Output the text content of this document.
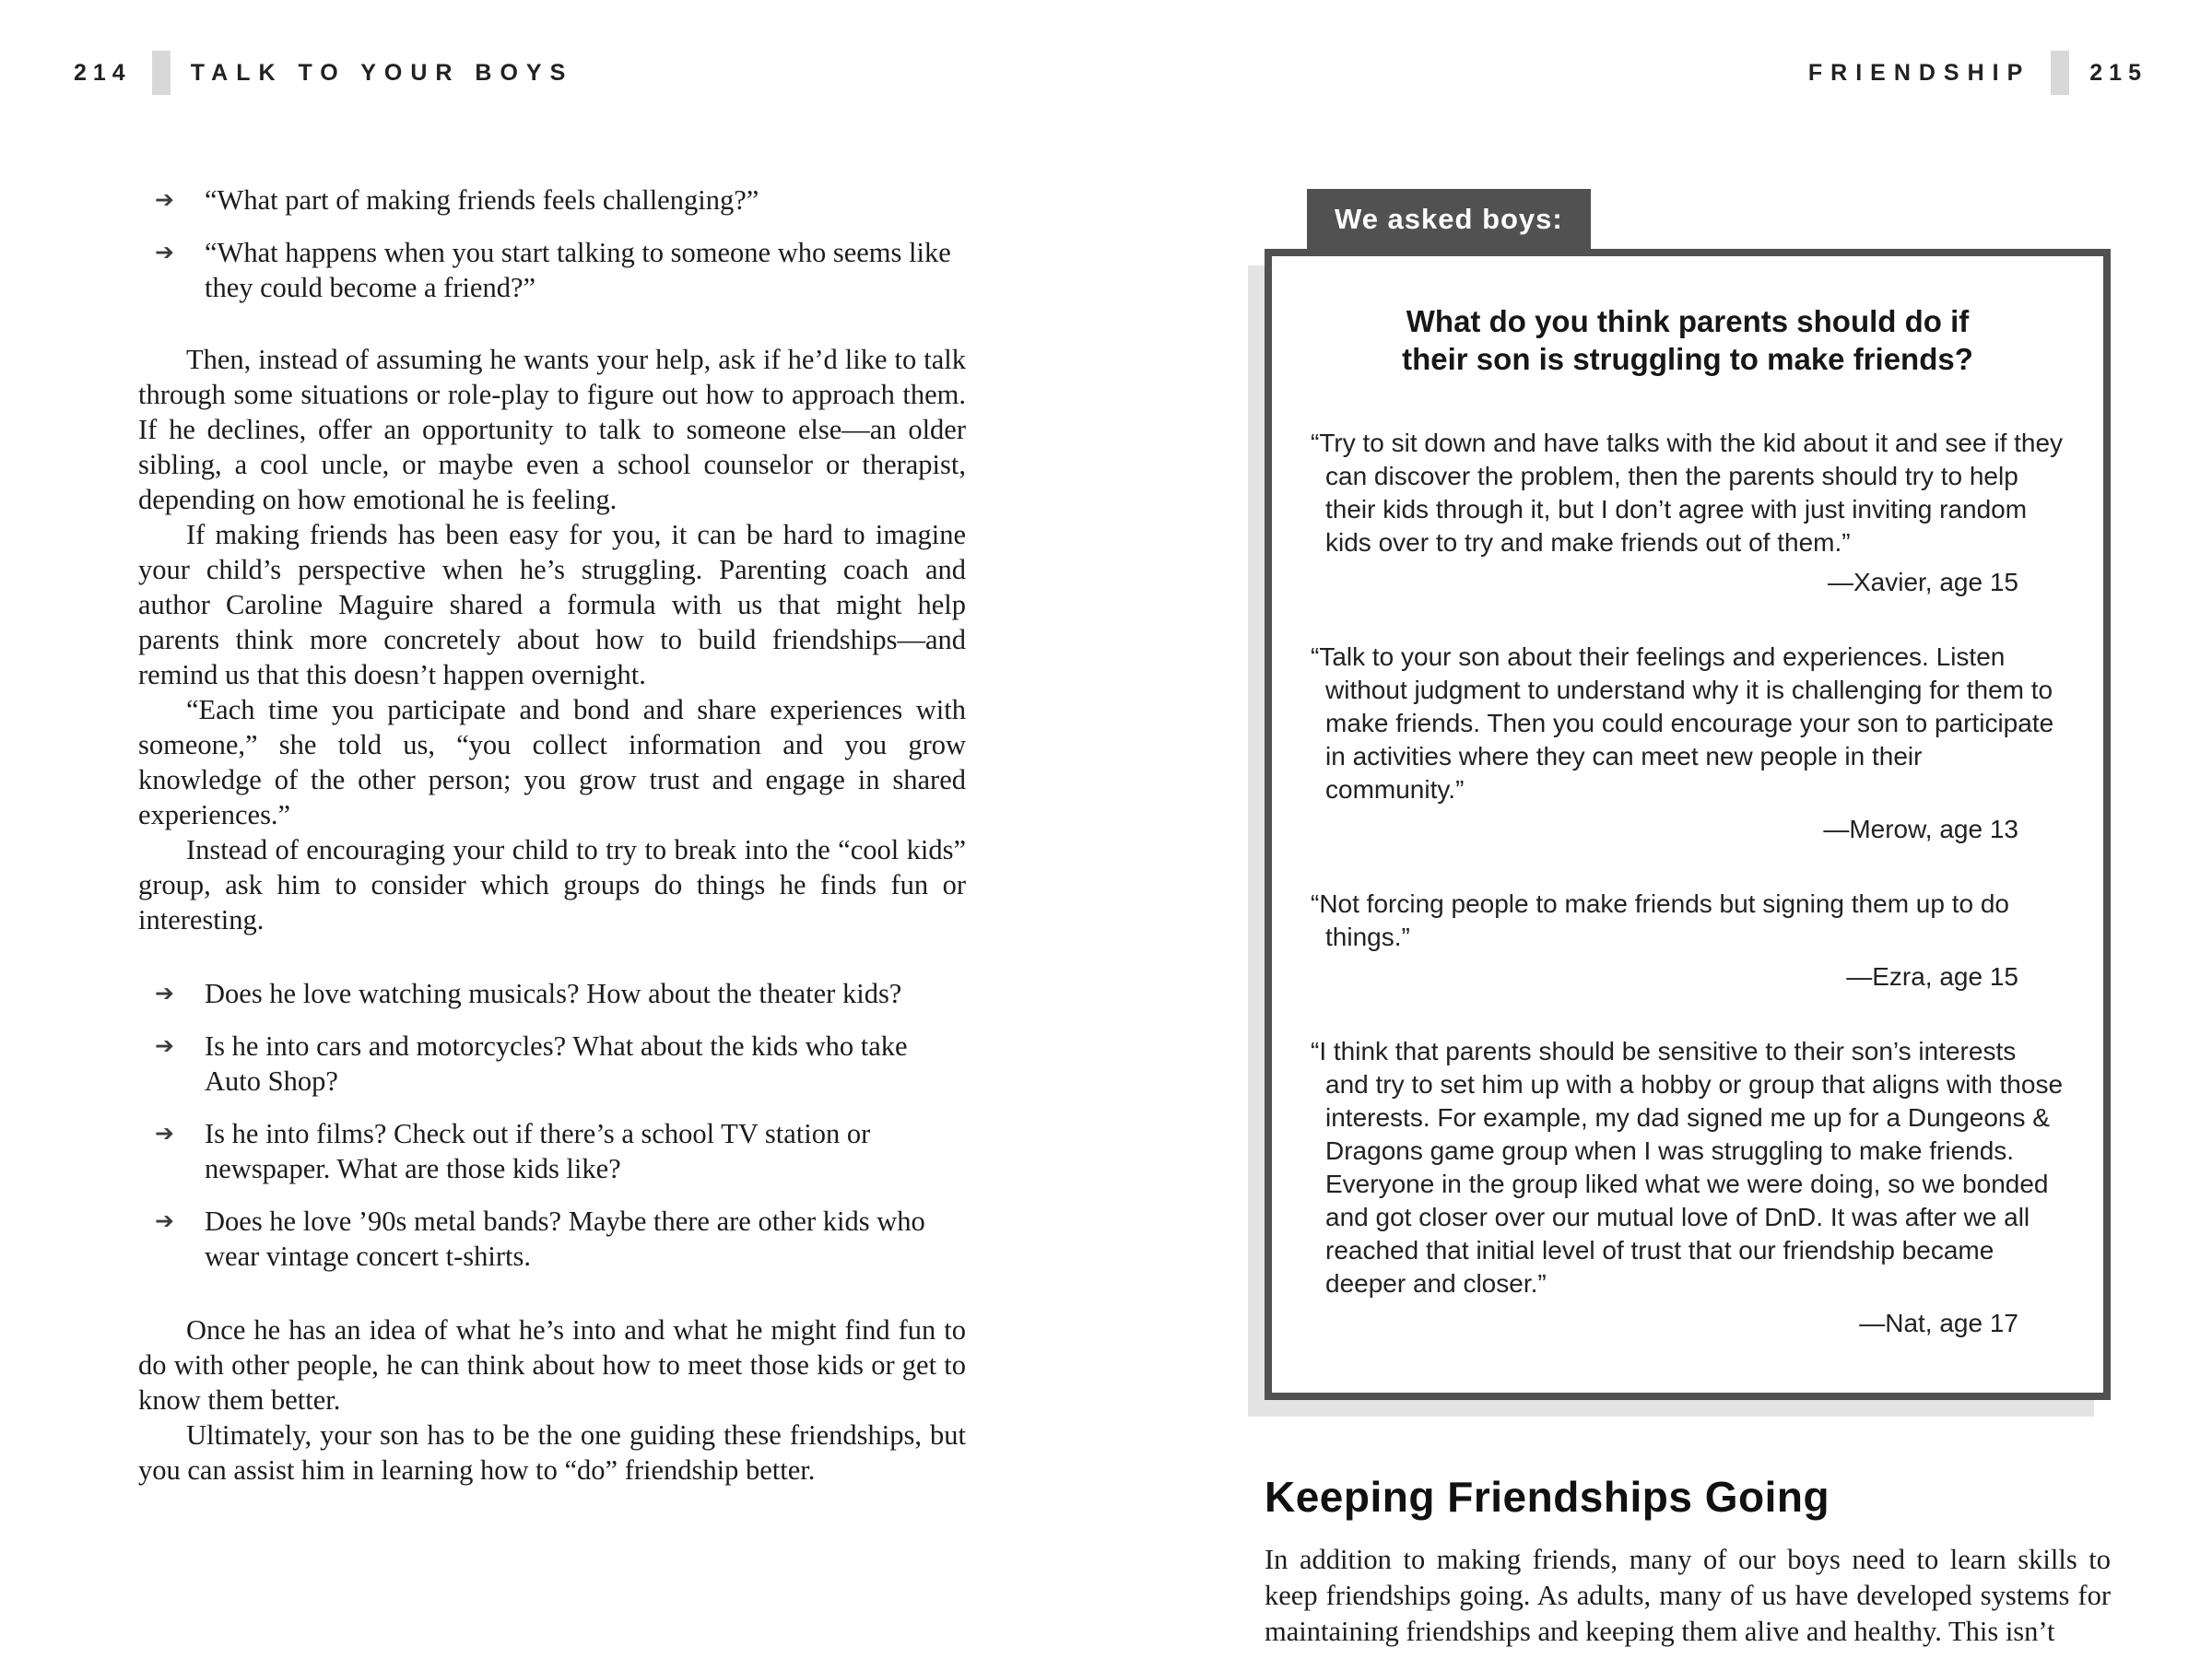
214	TALK TO YOUR BOYS	FRIENDSHIP	215
➔	“What part of making friends feels challenging?”
➔	“What happens when you start talking to someone who seems like they could become a friend?”

Then, instead of assuming he wants your help, ask if he’d like to talk through some situations or role-play to figure out how to approach them. If he declines, offer an opportunity to talk to someone else—an older sibling, a cool uncle, or maybe even a school counselor or therapist, depending on how emotional he is feeling.

If making friends has been easy for you, it can be hard to imagine your child’s perspective when he’s struggling. Parenting coach and author Caroline Maguire shared a formula with us that might help parents think more concretely about how to build friendships—and remind us that this doesn’t happen overnight.

“Each time you participate and bond and share experiences with someone,” she told us, “you collect information and you grow knowledge of the other person; you grow trust and engage in shared experiences.”

Instead of encouraging your child to try to break into the “cool kids” group, ask him to consider which groups do things he finds fun or interesting.

➔	Does he love watching musicals? How about the theater kids?
➔	Is he into cars and motorcycles? What about the kids who take Auto Shop?
➔	Is he into films? Check out if there’s a school TV station or newspaper. What are those kids like?
➔	Does he love ’90s metal bands? Maybe there are other kids who wear vintage concert t-shirts.

Once he has an idea of what he’s into and what he might find fun to do with other people, he can think about how to meet those kids or get to know them better.

Ultimately, your son has to be the one guiding these friendships, but you can assist him in learning how to “do” friendship better.

We asked boys:
What do you think parents should do if their son is struggling to make friends?

“Try to sit down and have talks with the kid about it and see if they can discover the problem, then the parents should try to help their kids through it, but I don’t agree with just inviting random kids over to try and make friends out of them.”

—Xavier, age 15

“Talk to your son about their feelings and experiences. Listen without judgment to understand why it is challenging for them to make friends. Then you could encourage your son to participate in activities where they can meet new people in their community.”

—Merow, age 13

“Not forcing people to make friends but signing them up to do things.”

—Ezra, age 15

“I think that parents should be sensitive to their son’s interests and try to set him up with a hobby or group that aligns with those interests. For example, my dad signed me up for a Dungeons & Dragons game group when I was struggling to make friends. Everyone in the group liked what we were doing, so we bonded and got closer over our mutual love of DnD. It was after we all reached that initial level of trust that our friendship became deeper and closer.”

—Nat, age 17

Keeping Friendships Going

In addition to making friends, many of our boys need to learn skills to keep friendships going. As adults, many of us have developed systems for maintaining friendships and keeping them alive and healthy. This isn’t
